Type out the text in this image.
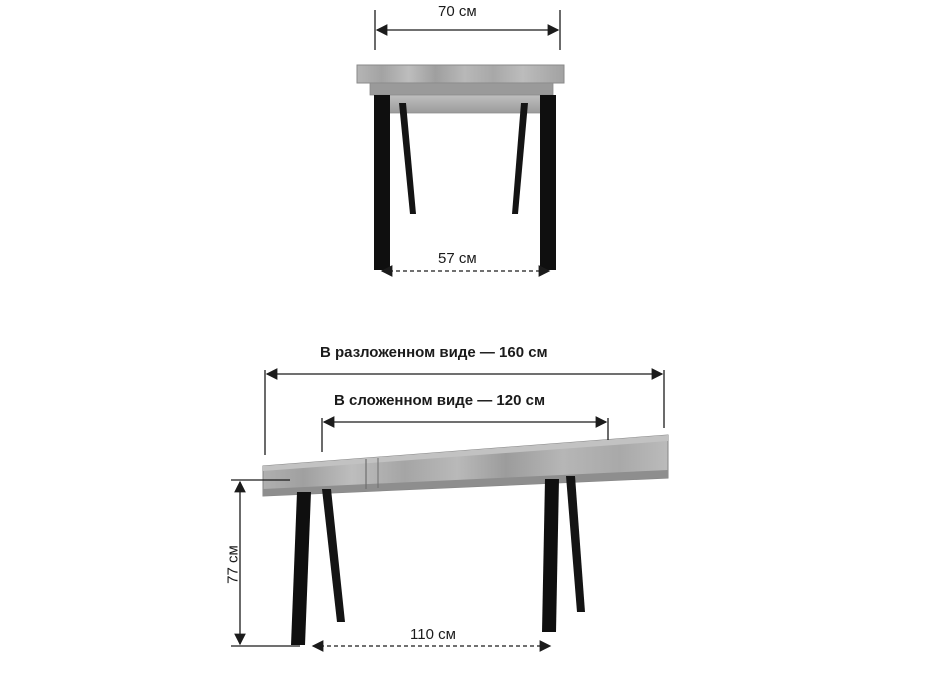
70 см
57 см
В разложенном виде — 160 см
В сложенном виде — 120 см
77 см
110 см
